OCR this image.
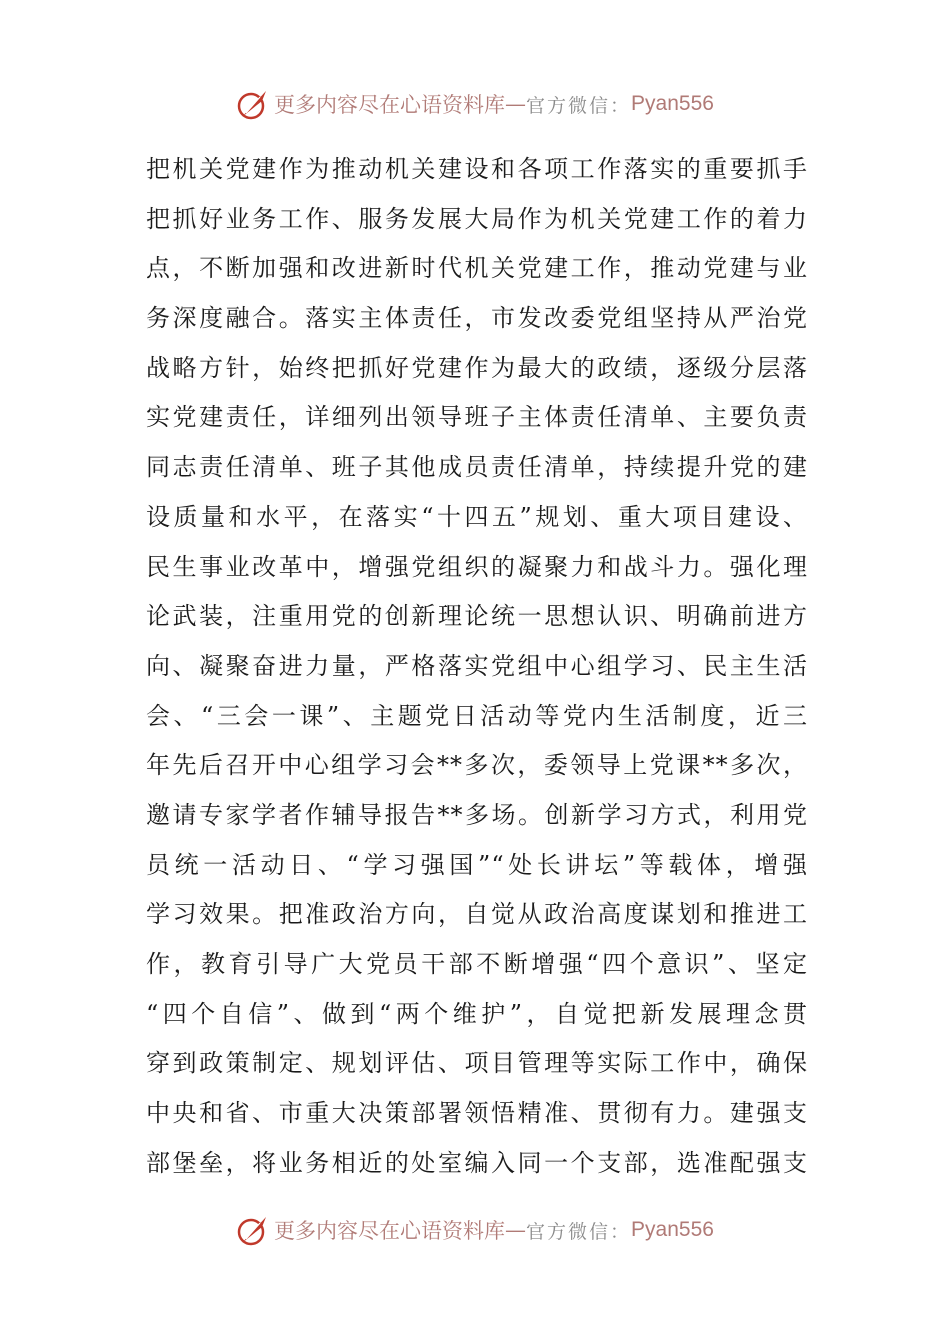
更多内容尽在心语资料库 — 官方微信： Pyan556
把机关党建作为推动机关建设和各项工作落实的重要抓手
把抓好业务工作、服务发展大局作为机关党建工作的着力
点，不断加强和改进新时代机关党建工作，推动党建与业
务深度融合。落实主体责任，市发改委党组坚持从严治党
战略方针，始终把抓好党建作为最大的政绩，逐级分层落
实党建责任，详细列出领导班子主体责任清单、主要负责
同志责任清单、班子其他成员责任清单，持续提升党的建
设质量和水平，在落实“十四五”规划、重大项目建设、
民生事业改革中，增强党组织的凝聚力和战斗力。强化理
论武装，注重用党的创新理论统一思想认识、明确前进方
向、凝聚奋进力量，严格落实党组中心组学习、民主生活
会、“三会一课”、主题党日活动等党内生活制度，近三
年先后召开中心组学习会**多次，委领导上党课**多次，
邀请专家学者作辅导报告**多场。创新学习方式，利用党
员统一活动日、“学习强国”“处长讲坛”等载体，增强
学习效果。把准政治方向，自觉从政治高度谋划和推进工
作，教育引导广大党员干部不断增强“四个意识”、坚定
“四个自信”、做到“两个维护”，自觉把新发展理念贯
穿到政策制定、规划评估、项目管理等实际工作中，确保
中央和省、市重大决策部署领悟精准、贯彻有力。建强支
部堡垒，将业务相近的处室编入同一个支部，选准配强支
更多内容尽在心语资料库 — 官方微信： Pyan556
